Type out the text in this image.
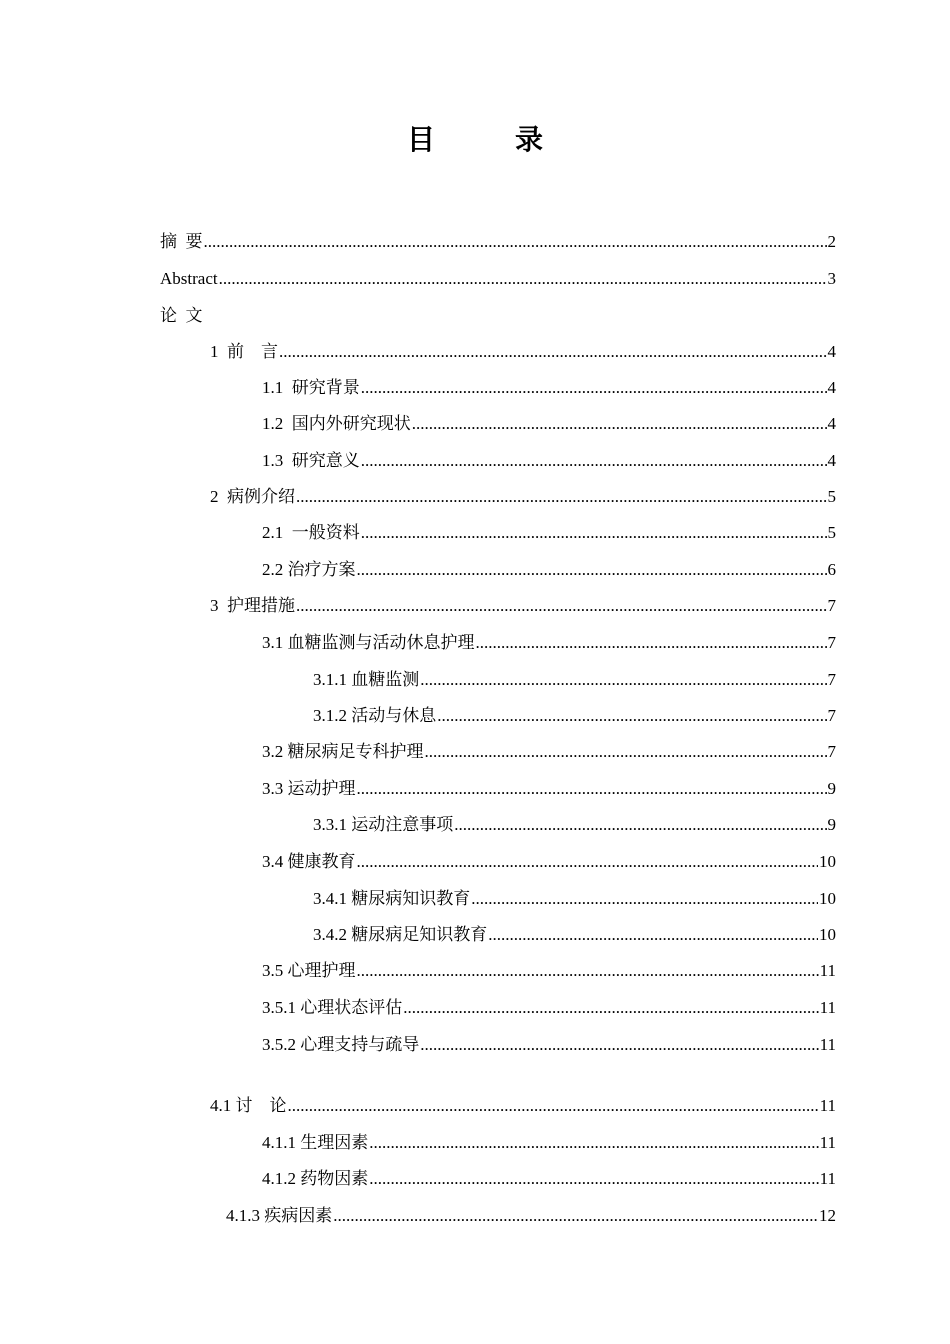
目　录
摘  要 .....	2
Abstract .....	3
论  文
1  前    言 .....	4
1.1  研究背景 .....	4
1.2  国内外研究现状 .....	4
1.3  研究意义 .....	4
2  病例介绍 .....	5
2.1  一般资料 .....	5
2.2 治疗方案 .....	6
3  护理措施 .....	7
3.1 血糖监测与活动休息护理 .....	7
3.1.1 血糖监测 .....	7
3.1.2 活动与休息 .....	7
3.2 糖尿病足专科护理 .....	7
3.3 运动护理 .....	9
3.3.1 运动注意事项 .....	9
3.4 健康教育 .....	10
3.4.1 糖尿病知识教育 .....	10
3.4.2 糖尿病足知识教育 .....	10
3.5 心理护理 .....	11
3.5.1 心理状态评估 .....	11
3.5.2 心理支持与疏导 .....	11
4.1 讨    论 .....	11
4.1.1 生理因素 .....	11
4.1.2 药物因素 .....	11
4.1.3 疾病因素 .....	12
